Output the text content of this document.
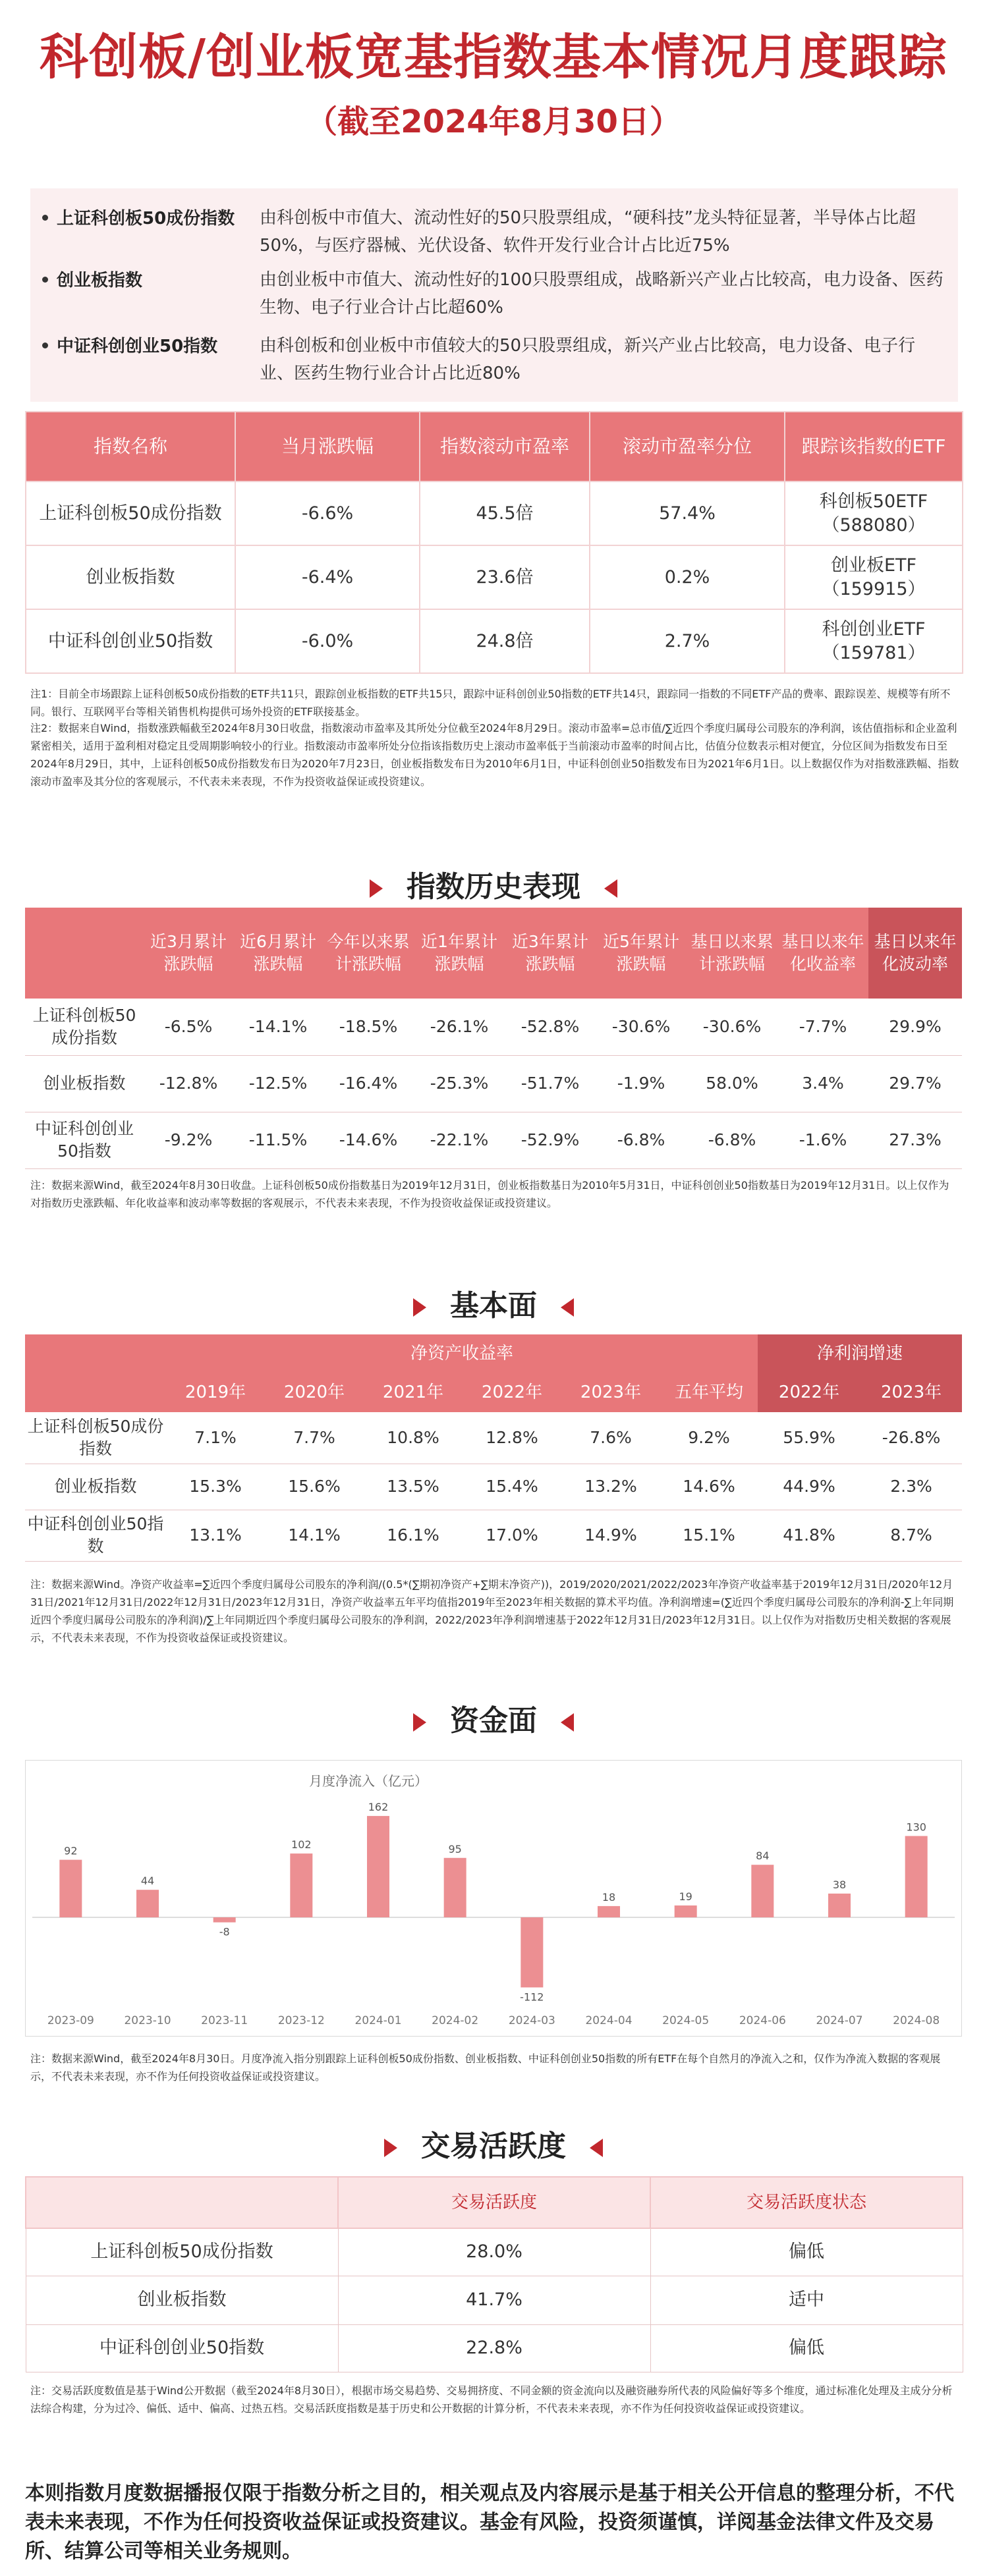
科创板/创业板宽基指数基本情况月度跟踪
（截至2024年8月30日）
上证科创板50成份指数	由科创板中市值大、流动性好的50只股票组成，“硬科技”龙头特征显著，半导体占比超50%，与医疗器械、光伏设备、软件开发行业合计占比近75%
创业板指数	由创业板中市值大、流动性好的100只股票组成，战略新兴产业占比较高，电力设备、医药生物、电子行业合计占比超60%
中证科创创业50指数	由科创板和创业板中市值较大的50只股票组成，新兴产业占比较高，电力设备、电子行业、医药生物行业合计占比近80%
指数名称	当月涨跌幅	指数滚动市盈率	滚动市盈率分位	跟踪该指数的ETF
上证科创板50成份指数	-6.6%	45.5倍	57.4%	科创板50ETF
（588080）

创业板指数	-6.4%	23.6倍	0.2%	创业板ETF
（159915）

中证科创创业50指数	-6.0%	24.8倍	2.7%	科创创业ETF
（159781）
注1：目前全市场跟踪上证科创板50成份指数的ETF共11只，跟踪创业板指数的ETF共15只，跟踪中证科创创业50指数的ETF共14只，跟踪同一指数的不同ETF产品的费率、跟踪误差、规模等有所不同。银行、互联网平台等相关销售机构提供可场外投资的ETF联接基金。
注2：数据来自Wind，指数涨跌幅截至2024年8月30日收盘，指数滚动市盈率及其所处分位截至2024年8月29日。滚动市盈率=总市值/∑近四个季度归属母公司股东的净利润，该估值指标和企业盈利紧密相关，适用于盈利相对稳定且受周期影响较小的行业。指数滚动市盈率所处分位指该指数历史上滚动市盈率低于当前滚动市盈率的时间占比，估值分位数表示相对便宜，分位区间为指数发布日至2024年8月29日，其中，上证科创板50成份指数发布日为2020年7月23日，创业板指数发布日为2010年6月1日，中证科创创业50指数发布日为2021年6月1日。以上数据仅作为对指数涨跌幅、指数滚动市盈率及其分位的客观展示，不代表未来表现，不作为投资收益保证或投资建议。
指数历史表现
	近3月累计涨跌幅	近6月累计涨跌幅	今年以来累计涨跌幅	近1年累计涨跌幅	近3年累计涨跌幅	近5年累计涨跌幅	基日以来累计涨跌幅	基日以来年化收益率	基日以来年化波动率
上证科创板50成份指数	-6.5%	-14.1%	-18.5%	-26.1%	-52.8%	-30.6%	-30.6%	-7.7%	29.9%
创业板指数	-12.8%	-12.5%	-16.4%	-25.3%	-51.7%	-1.9%	58.0%	3.4%	29.7%
中证科创创业50指数	-9.2%	-11.5%	-14.6%	-22.1%	-52.9%	-6.8%	-6.8%	-1.6%	27.3%
注：数据来源Wind，截至2024年8月30日收盘。上证科创板50成份指数基日为2019年12月31日，创业板指数基日为2010年5月31日，中证科创创业50指数基日为2019年12月31日。以上仅作为对指数历史涨跌幅、年化收益率和波动率等数据的客观展示，不代表未来表现，不作为投资收益保证或投资建议。
基本面
	净资产收益率						净利润增速	
	2019年	2020年	2021年	2022年	2023年	五年平均	2022年	2023年
上证科创板50成份指数	7.1%	7.7%	10.8%	12.8%	7.6%	9.2%	55.9%	-26.8%
创业板指数	15.3%	15.6%	13.5%	15.4%	13.2%	14.6%	44.9%	2.3%
中证科创创业50指数	13.1%	14.1%	16.1%	17.0%	14.9%	15.1%	41.8%	8.7%
注：数据来源Wind。净资产收益率=∑近四个季度归属母公司股东的净利润/(0.5*(∑期初净资产+∑期末净资产))，2019/2020/2021/2022/2023年净资产收益率基于2019年12月31日/2020年12月31日/2021年12月31日/2022年12月31日/2023年12月31日，净资产收益率五年平均值指2019年至2023年相关数据的算术平均值。净利润增速=(∑近四个季度归属母公司股东的净利润-∑上年同期近四个季度归属母公司股东的净利润)/∑上年同期近四个季度归属母公司股东的净利润，2022/2023年净利润增速基于2022年12月31日/2023年12月31日。以上仅作为对指数历史相关数据的客观展示，不代表未来表现，不作为投资收益保证或投资建议。
资金面
月度净流入（亿元）
92
2023-09
44
2023-10
-8
2023-11
102
2023-12
162
2024-01
95
2024-02
-112
2024-03
18
2024-04
19
2024-05
84
2024-06
38
2024-07
130
2024-08
注：数据来源Wind，截至2024年8月30日。月度净流入指分别跟踪上证科创板50成份指数、创业板指数、中证科创创业50指数的所有ETF在每个自然月的净流入之和，仅作为净流入数据的客观展示，不代表未来表现，亦不作为任何投资收益保证或投资建议。
交易活跃度
	交易活跃度	交易活跃度状态
上证科创板50成份指数	28.0%	偏低
创业板指数	41.7%	适中
中证科创创业50指数	22.8%	偏低
注：交易活跃度数值是基于Wind公开数据（截至2024年8月30日），根据市场交易趋势、交易拥挤度、不同金额的资金流向以及融资融券所代表的风险偏好等多个维度，通过标准化处理及主成分分析法综合构建，分为过冷、偏低、适中、偏高、过热五档。交易活跃度指数是基于历史和公开数据的计算分析，不代表未来表现，亦不作为任何投资收益保证或投资建议。
本则指数月度数据播报仅限于指数分析之目的，相关观点及内容展示是基于相关公开信息的整理分析，不代表未来表现，不作为任何投资收益保证或投资建议。基金有风险，投资须谨慎，详阅基金法律文件及交易所、结算公司等相关业务规则。
